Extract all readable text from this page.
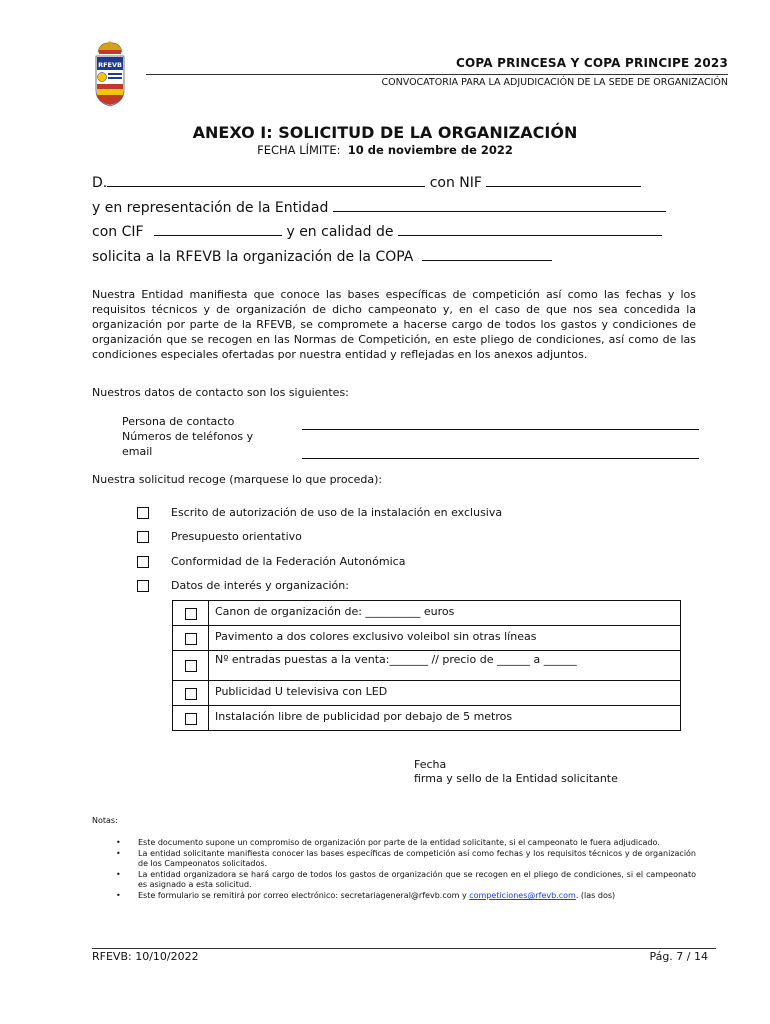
RFEVB	COPA PRINCESA Y COPA PRINCIPE 2023
CONVOCATORIA PARA LA ADJUDICACIÓN DE LA SEDE DE ORGANIZACIÓN
ANEXO I: SOLICITUD DE LA ORGANIZACIÓN
FECHA LÍMITE: 10 de noviembre de 2022
D.	con NIF
y en representación de la Entidad
con CIF	y en calidad de
solicita a la RFEVB la organización de la COPA
Nuestra Entidad manifiesta que conoce las bases específicas de competición así como las fechas y los requisitos técnicos y de organización de dicho campeonato y, en el caso de que nos sea concedida la organización por parte de la RFEVB, se compromete a hacerse cargo de todos los gastos y condiciones de organización que se recogen en las Normas de Competición, en este pliego de condiciones, así como de las condiciones especiales ofertadas por nuestra entidad y reflejadas en los anexos adjuntos.
Nuestros datos de contacto son los siguientes:
Persona de contacto
Números de teléfonos y
email
Nuestra solicitud recoge (marquese lo que proceda):
Escrito de autorización de uso de la instalación en exclusiva
Presupuesto orientativo
Conformidad de la Federación Autonómica
Datos de interés y organización:
	Canon de organización de: __________ euros
	Pavimento a dos colores exclusivo voleibol sin otras líneas
	Nº entradas puestas a la venta:_______ // precio de ______ a ______
	Publicidad U televisiva con LED
	Instalación libre de publicidad por debajo de 5 metros
Fecha
firma y sello de la Entidad solicitante
Notas:
• Este documento supone un compromiso de organización por parte de la entidad solicitante, si el campeonato le fuera adjudicado.
• La entidad solicitante manifiesta conocer las bases específicas de competición así como fechas y los requisitos técnicos y de organización de los Campeonatos solicitados.
• La entidad organizadora se hará cargo de todos los gastos de organización que se recogen en el pliego de condiciones, si el campeonato es asignado a esta solicitud.
• Este formulario se remitirá por correo electrónico: secretariageneral@rfevb.com y competiciones@rfevb.com. (las dos)
RFEVB: 10/10/2022	Pág. 7 / 14
